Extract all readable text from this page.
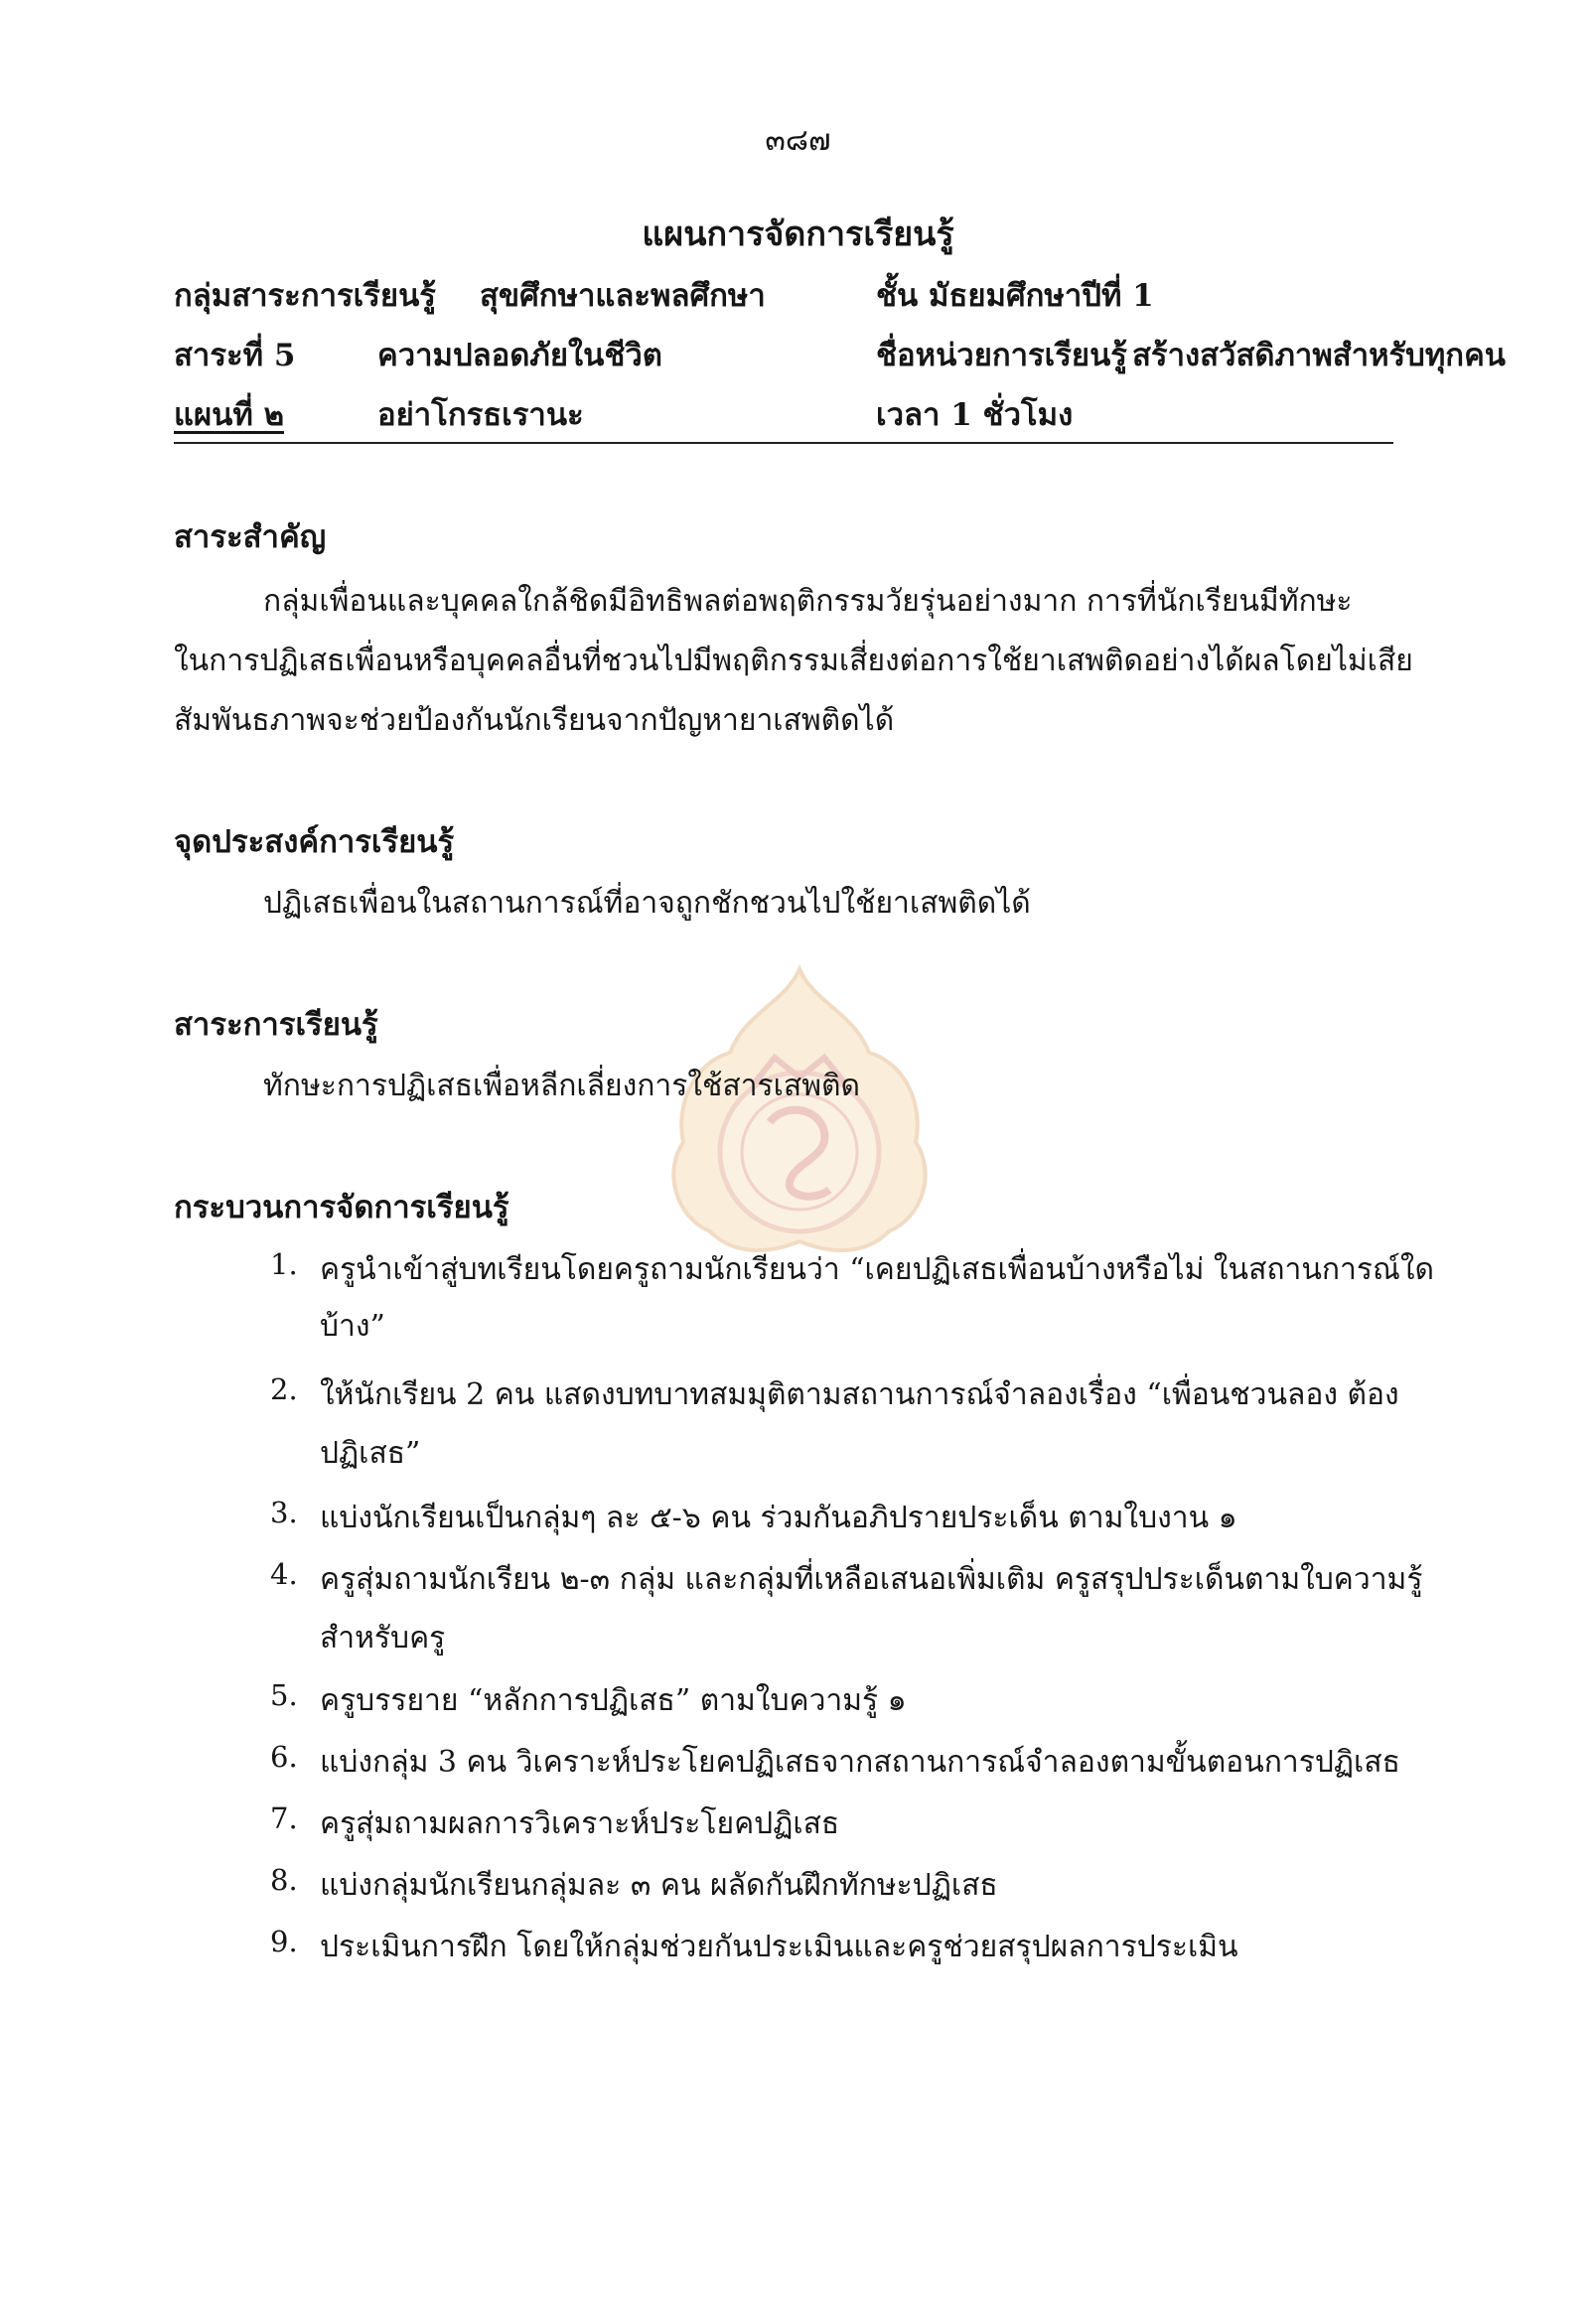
๓๘๗
แผนการจัดการเรียนรู้
กลุ่มสาระการเรียนรู้ สุขศึกษาและพลศึกษา	ชั้น มัธยมศึกษาปีที่ 1
สาระที่ 5	ความปลอดภัยในชีวิต	ชื่อหน่วยการเรียนรู้ สร้างสวัสดิภาพสำหรับทุกคน
แผนที่ ๒	อย่าโกรธเรานะ	เวลา 1 ชั่วโมง
สาระสำคัญ
กลุ่มเพื่อนและบุคคลใกล้ชิดมีอิทธิพลต่อพฤติกรรมวัยรุ่นอย่างมาก การที่นักเรียนมีทักษะ
ในการปฏิเสธเพื่อนหรือบุคคลอื่นที่ชวนไปมีพฤติกรรมเสี่ยงต่อการใช้ยาเสพติดอย่างได้ผลโดยไม่เสีย
สัมพันธภาพจะช่วยป้องกันนักเรียนจากปัญหายาเสพติดได้
จุดประสงค์การเรียนรู้
ปฏิเสธเพื่อนในสถานการณ์ที่อาจถูกชักชวนไปใช้ยาเสพติดได้
สาระการเรียนรู้
ทักษะการปฏิเสธเพื่อหลีกเลี่ยงการใช้สารเสพติด
กระบวนการจัดการเรียนรู้
1. ครูนำเข้าสู่บทเรียนโดยครูถามนักเรียนว่า “เคยปฏิเสธเพื่อนบ้างหรือไม่ ในสถานการณ์ใด
บ้าง”
2. ให้นักเรียน 2 คน แสดงบทบาทสมมุติตามสถานการณ์จำลองเรื่อง “เพื่อนชวนลอง ต้อง
ปฏิเสธ”
3. แบ่งนักเรียนเป็นกลุ่มๆ ละ ๕-๖ คน ร่วมกันอภิปรายประเด็น ตามใบงาน ๑
4. ครูสุ่มถามนักเรียน ๒-๓ กลุ่ม และกลุ่มที่เหลือเสนอเพิ่มเติม ครูสรุปประเด็นตามใบความรู้
สำหรับครู
5. ครูบรรยาย “หลักการปฏิเสธ” ตามใบความรู้ ๑
6. แบ่งกลุ่ม 3 คน วิเคราะห์ประโยคปฏิเสธจากสถานการณ์จำลองตามขั้นตอนการปฏิเสธ
7. ครูสุ่มถามผลการวิเคราะห์ประโยคปฏิเสธ
8. แบ่งกลุ่มนักเรียนกลุ่มละ ๓ คน ผลัดกันฝึกทักษะปฏิเสธ
9. ประเมินการฝึก โดยให้กลุ่มช่วยกันประเมินและครูช่วยสรุปผลการประเมิน
